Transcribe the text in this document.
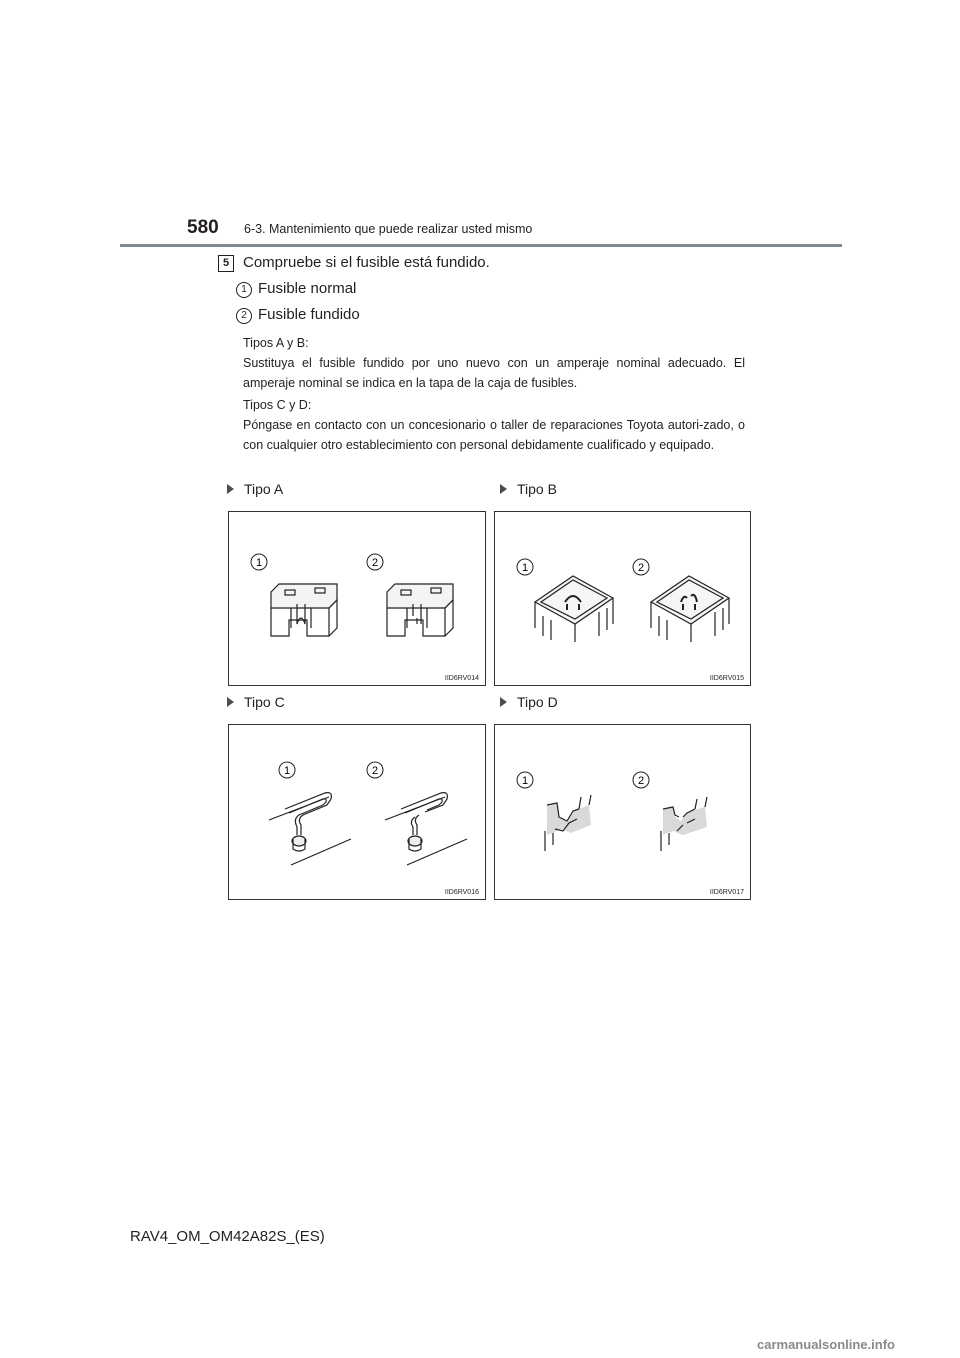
580 6-3. Mantenimiento que puede realizar usted mismo
5 Compruebe si el fusible está fundido.
1 Fusible normal
2 Fusible fundido
Tipos A y B:
Sustituya el fusible fundido por uno nuevo con un amperaje nominal adecuado. El amperaje nominal se indica en la tapa de la caja de fusibles.
Tipos C y D:
Póngase en contacto con un concesionario o taller de reparaciones Toyota autori-zado, o con cualquier otro establecimiento con personal debidamente cualificado y equipado.
Tipo A	Tipo B
Tipo C	Tipo D
1	2
IID6RV014
1	2
IID6RV015
1	2
IID6RV016
1	2
IID6RV017
RAV4_OM_OM42A82S_(ES)
carmanualsonline.info
